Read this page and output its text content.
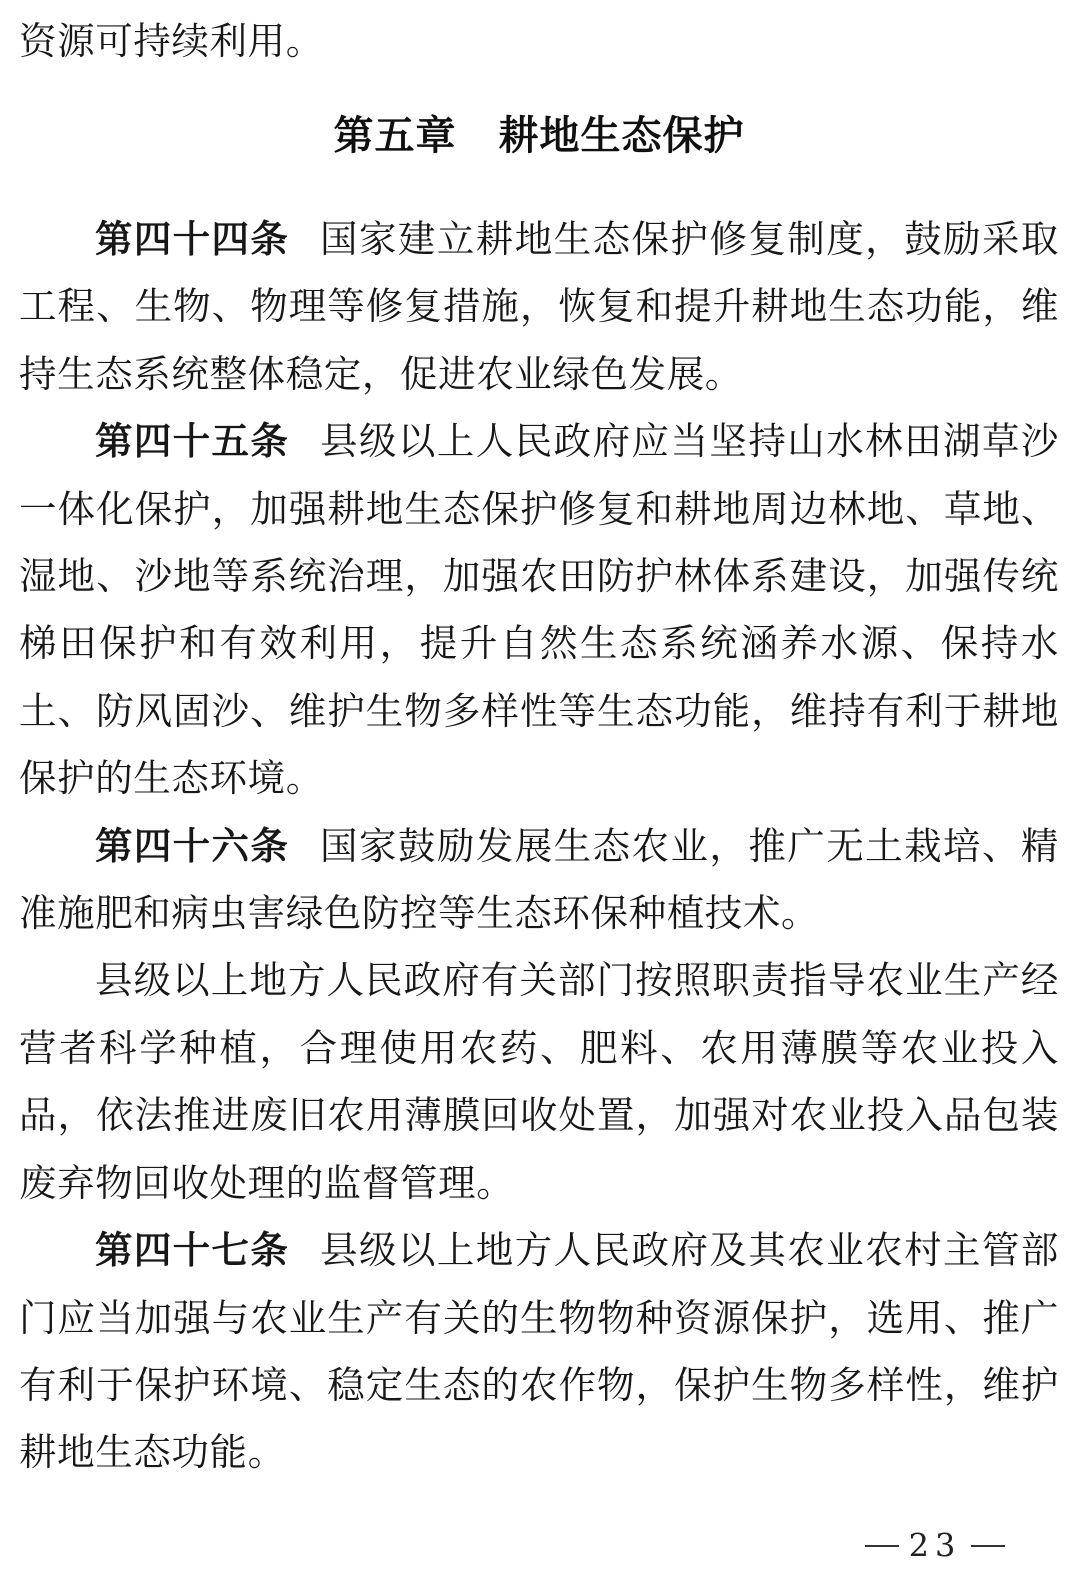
资源可持续利用。

第五章 耕地生态保护

第四十四条 国家建立耕地生态保护修复制度，鼓励采取工程、生物、物理等修复措施，恢复和提升耕地生态功能，维持生态系统整体稳定，促进农业绿色发展。

第四十五条 县级以上人民政府应当坚持山水林田湖草沙一体化保护，加强耕地生态保护修复和耕地周边林地、草地、湿地、沙地等系统治理，加强农田防护林体系建设，加强传统梯田保护和有效利用，提升自然生态系统涵养水源、保持水土、防风固沙、维护生物多样性等生态功能，维持有利于耕地保护的生态环境。

第四十六条 国家鼓励发展生态农业，推广无土栽培、精准施肥和病虫害绿色防控等生态环保种植技术。

县级以上地方人民政府有关部门按照职责指导农业生产经营者科学种植，合理使用农药、肥料、农用薄膜等农业投入品，依法推进废旧农用薄膜回收处置，加强对农业投入品包装废弃物回收处理的监督管理。

第四十七条 县级以上地方人民政府及其农业农村主管部门应当加强与农业生产有关的生物物种资源保护，选用、推广有利于保护环境、稳定生态的农作物，保护生物多样性，维护耕地生态功能。

23
